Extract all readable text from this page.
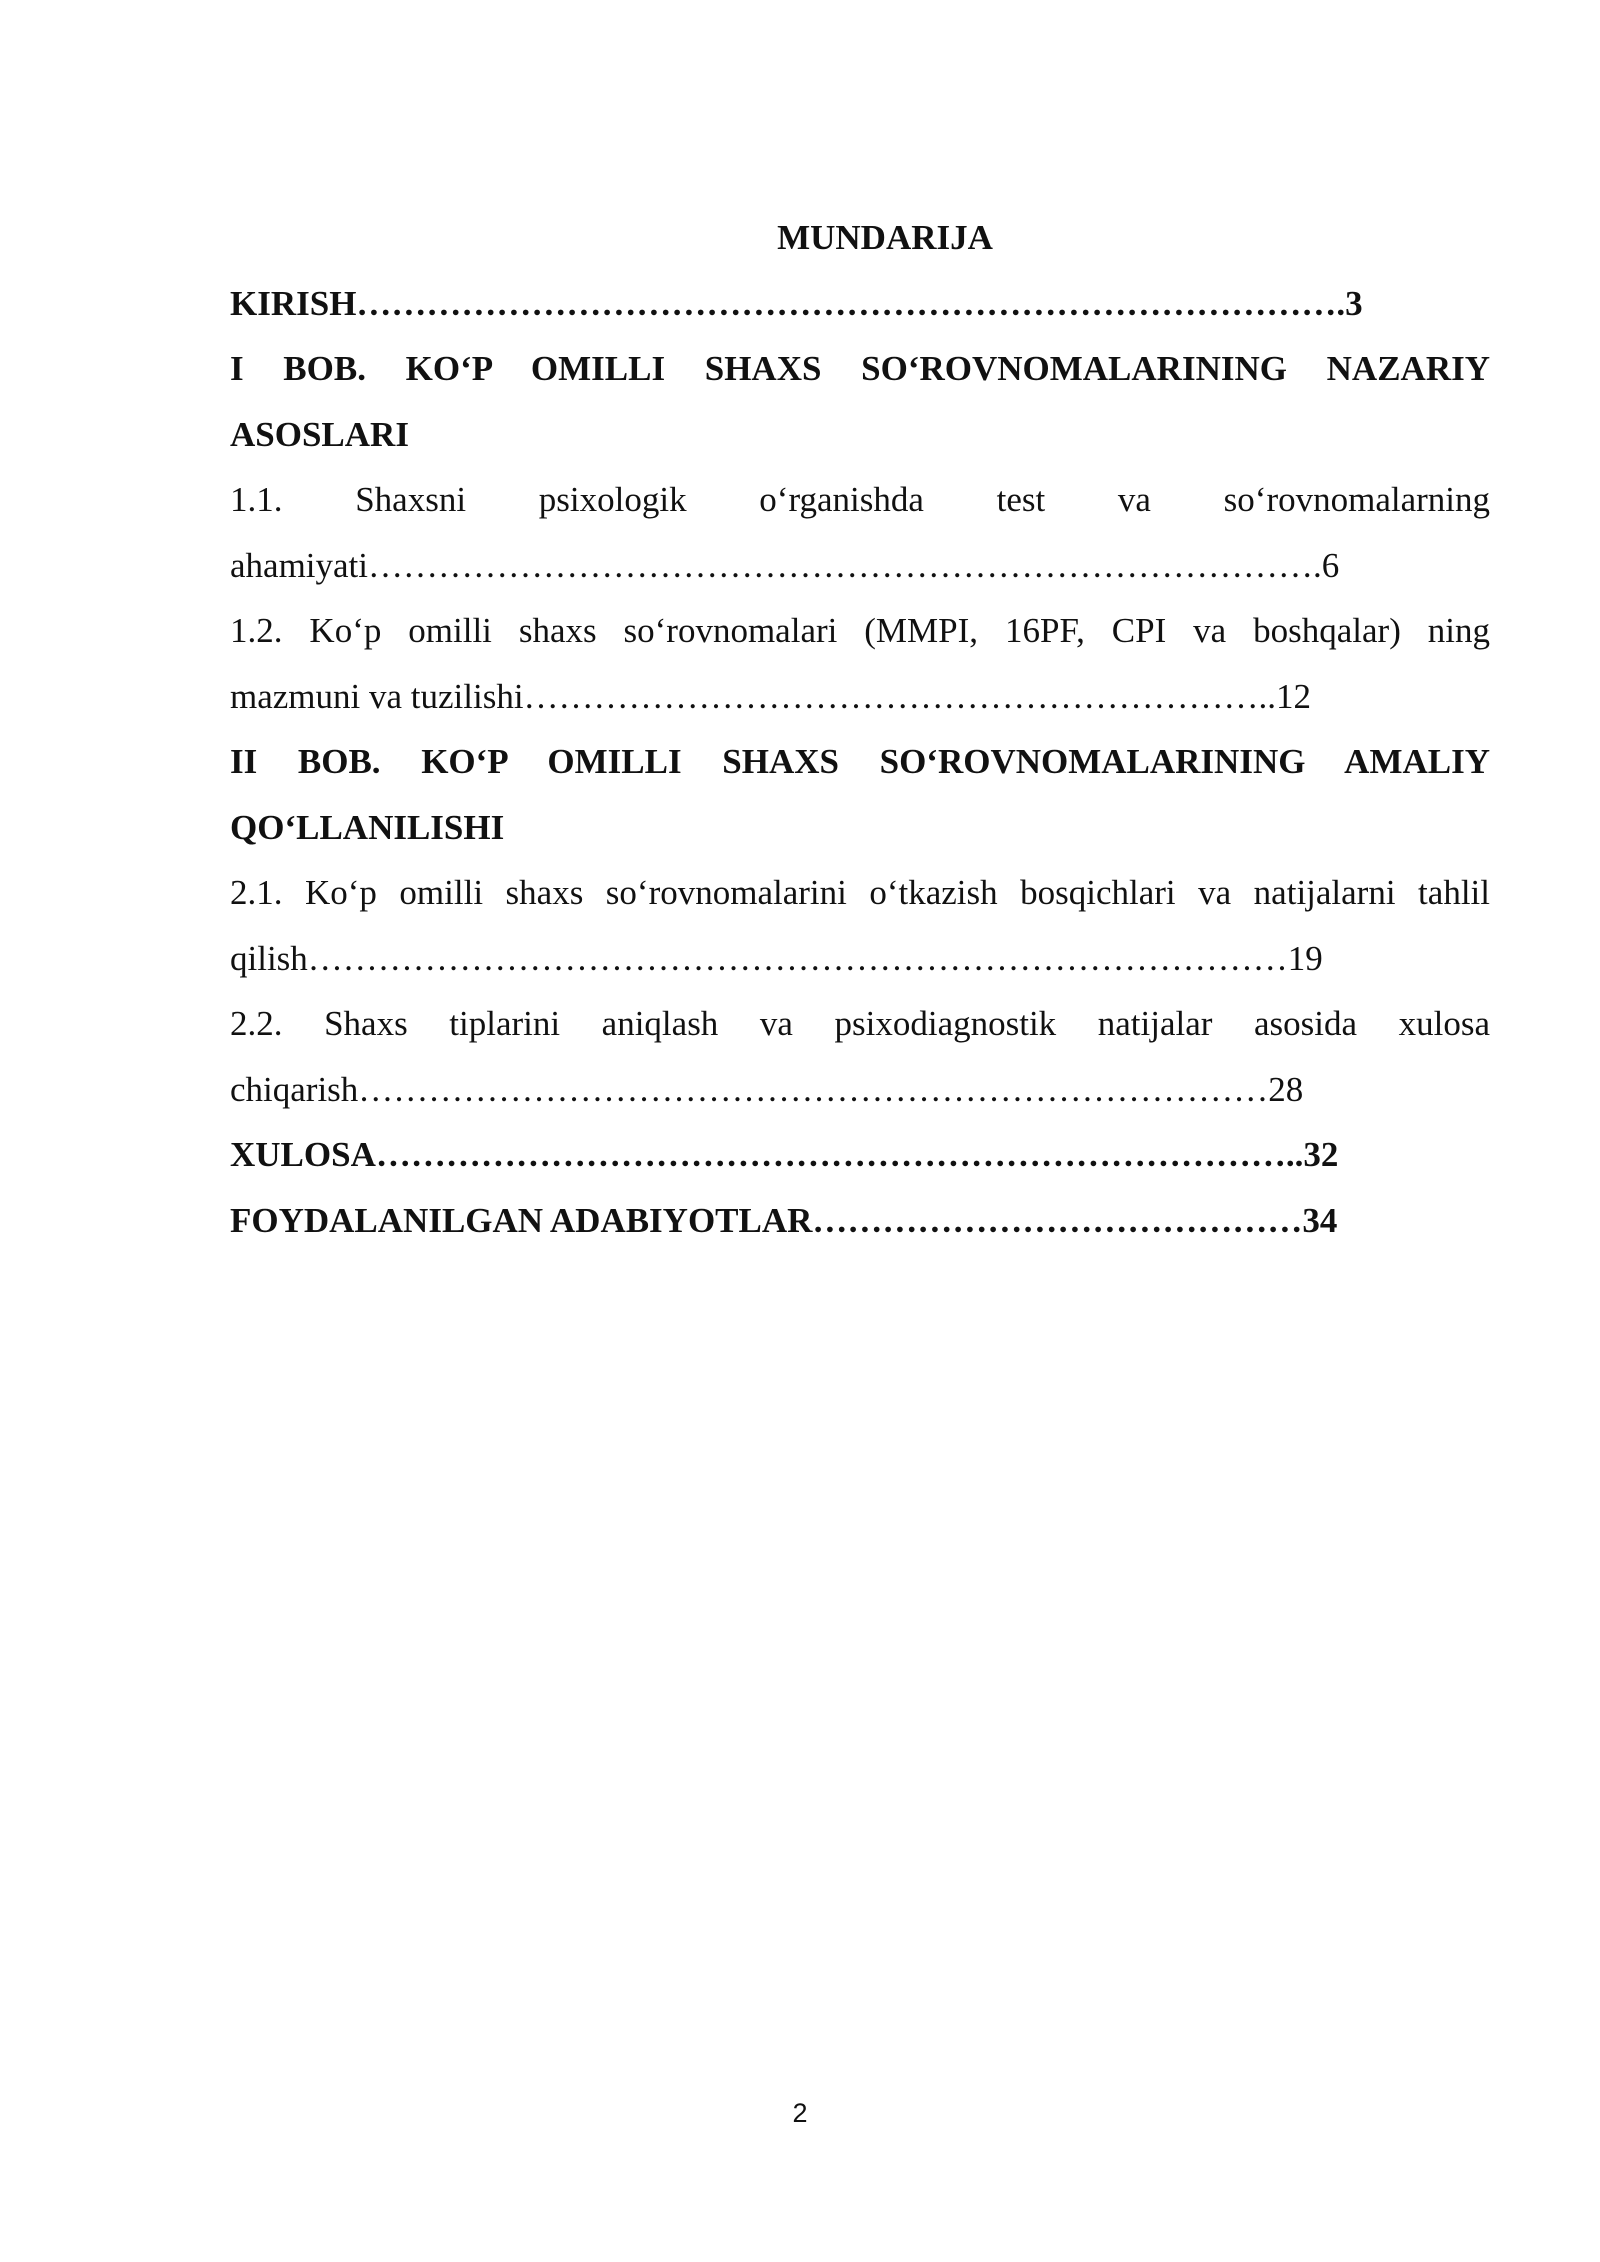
MUNDARIJA
KIRISH………………………………………………………………………….3
I BOB. KO‘P OMILLI SHAXS SO‘ROVNOMALARINING NAZARIY
ASOSLARI
1.1. Shaxsni psixologik o‘rganishda test va so‘rovnomalarning
ahamiyati……………………………………………………………………….6
1.2. Ko‘p omilli shaxs so‘rovnomalari (MMPI, 16PF, CPI va boshqalar) ning
mazmuni va tuzilishi………………………………………………………..12
II BOB. KO‘P OMILLI SHAXS SO‘ROVNOMALARINING AMALIY
QO‘LLANILISHI
2.1. Ko‘p omilli shaxs so‘rovnomalarini o‘tkazish bosqichlari va natijalarni tahlil
qilish…………………………………………………………………………19
2.2. Shaxs tiplarini aniqlash va psixodiagnostik natijalar asosida xulosa
chiqarish……………………………………………………………………28
XULOSA……………………………………………………………………..32
FOYDALANILGAN ADABIYOTLAR……………………………………34
2
